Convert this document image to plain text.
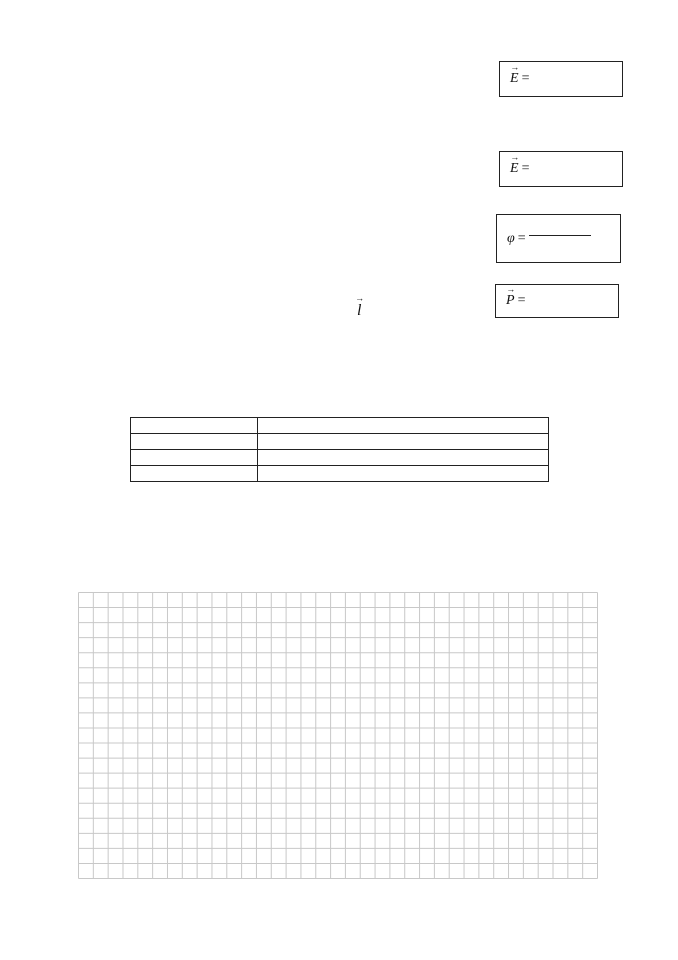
→ E =
→ E =
φ =
→ P =
→ l
